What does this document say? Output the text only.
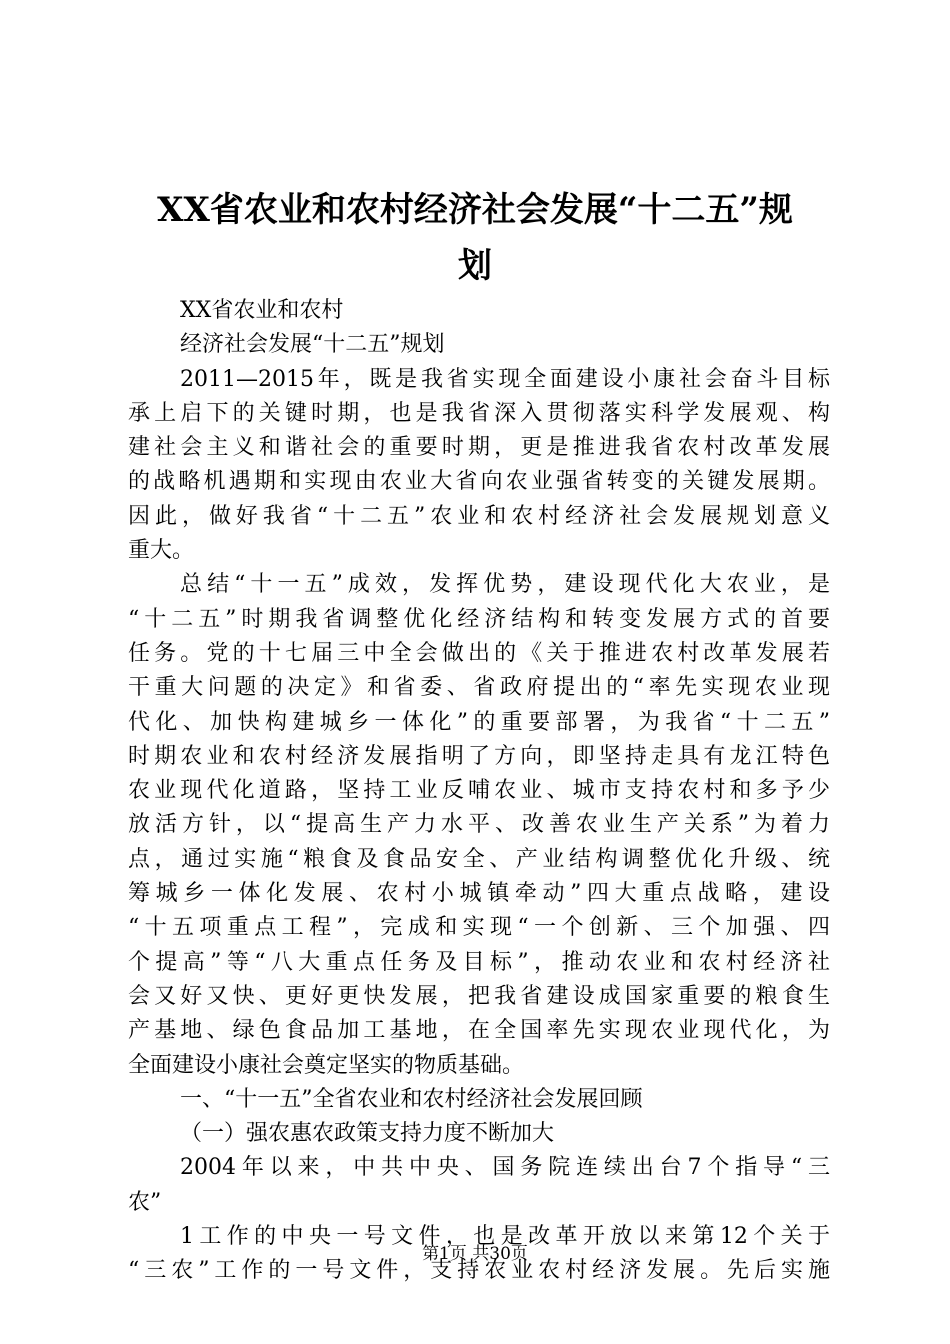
XX省农业和农村经济社会发展“十二五”规
划
XX省农业和农村
经济社会发展“十二五”规划
2011—2015年，既是我省实现全面建设小康社会奋斗目标
承上启下的关键时期，也是我省深入贯彻落实科学发展观、构
建社会主义和谐社会的重要时期，更是推进我省农村改革发展
的战略机遇期和实现由农业大省向农业强省转变的关键发展期。
因此，做好我省“十二五”农业和农村经济社会发展规划意义
重大。
总结“十一五”成效，发挥优势，建设现代化大农业，是
“十二五”时期我省调整优化经济结构和转变发展方式的首要
任务。党的十七届三中全会做出的《关于推进农村改革发展若
干重大问题的决定》和省委、省政府提出的“率先实现农业现
代化、加快构建城乡一体化”的重要部署，为我省“十二五”
时期农业和农村经济发展指明了方向，即坚持走具有龙江特色
农业现代化道路，坚持工业反哺农业、城市支持农村和多予少
放活方针，以“提高生产力水平、改善农业生产关系”为着力
点，通过实施“粮食及食品安全、产业结构调整优化升级、统
筹城乡一体化发展、农村小城镇牵动”四大重点战略，建设
“十五项重点工程”，完成和实现“一个创新、三个加强、四
个提高”等“八大重点任务及目标”，推动农业和农村经济社
会又好又快、更好更快发展，把我省建设成国家重要的粮食生
产基地、绿色食品加工基地，在全国率先实现农业现代化，为
全面建设小康社会奠定坚实的物质基础。
一、“十一五”全省农业和农村经济社会发展回顾
（一）强农惠农政策支持力度不断加大
2004年以来，中共中央、国务院连续出台7个指导“三
农”
1工作的中央一号文件，也是改革开放以来第12个关于
“三农”工作的一号文件，支持农业农村经济发展。先后实施
第1页 共30页
